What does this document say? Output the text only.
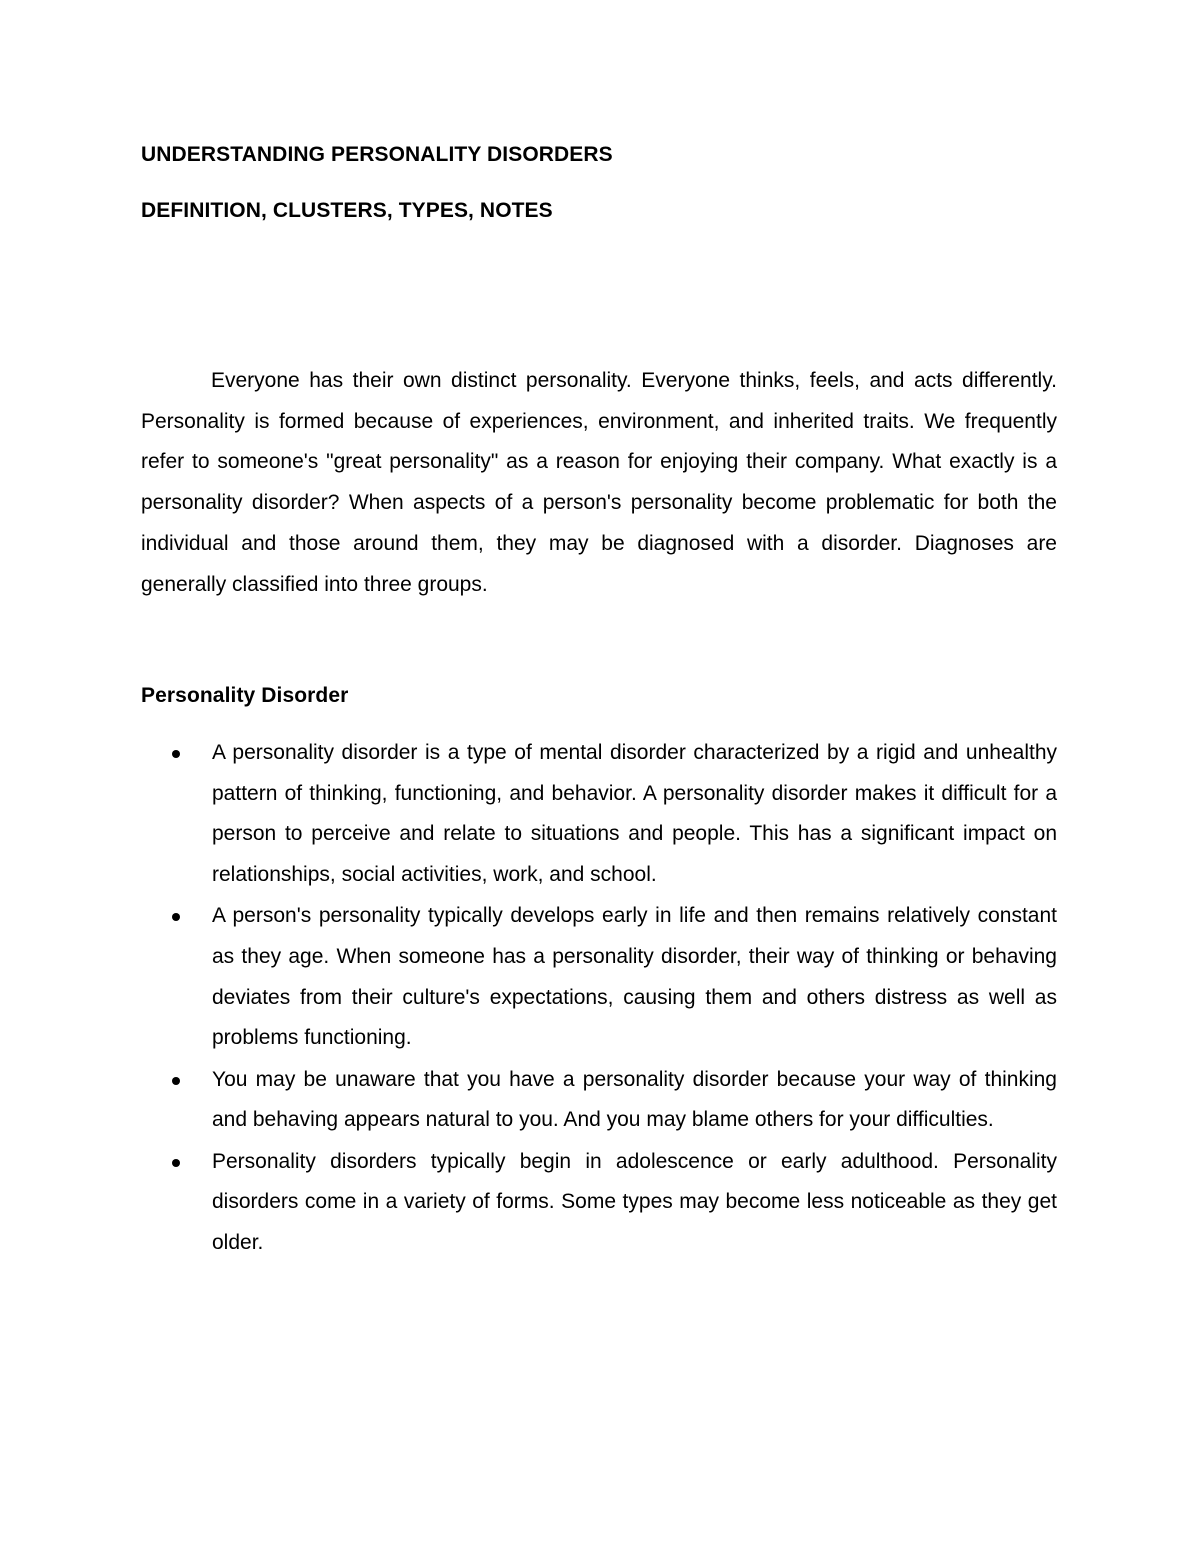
UNDERSTANDING PERSONALITY DISORDERS
DEFINITION, CLUSTERS, TYPES, NOTES

Everyone has their own distinct personality. Everyone thinks, feels, and acts differently. Personality is formed because of experiences, environment, and inherited traits. We frequently refer to someone's "great personality" as a reason for enjoying their company. What exactly is a personality disorder? When aspects of a person's personality become problematic for both the individual and those around them, they may be diagnosed with a disorder. Diagnoses are generally classified into three groups.

Personality Disorder
A personality disorder is a type of mental disorder characterized by a rigid and unhealthy pattern of thinking, functioning, and behavior. A personality disorder makes it difficult for a person to perceive and relate to situations and people. This has a significant impact on relationships, social activities, work, and school.
A person's personality typically develops early in life and then remains relatively constant as they age. When someone has a personality disorder, their way of thinking or behaving deviates from their culture's expectations, causing them and others distress as well as problems functioning.
You may be unaware that you have a personality disorder because your way of thinking and behaving appears natural to you. And you may blame others for your difficulties.
Personality disorders typically begin in adolescence or early adulthood. Personality disorders come in a variety of forms. Some types may become less noticeable as they get older.
